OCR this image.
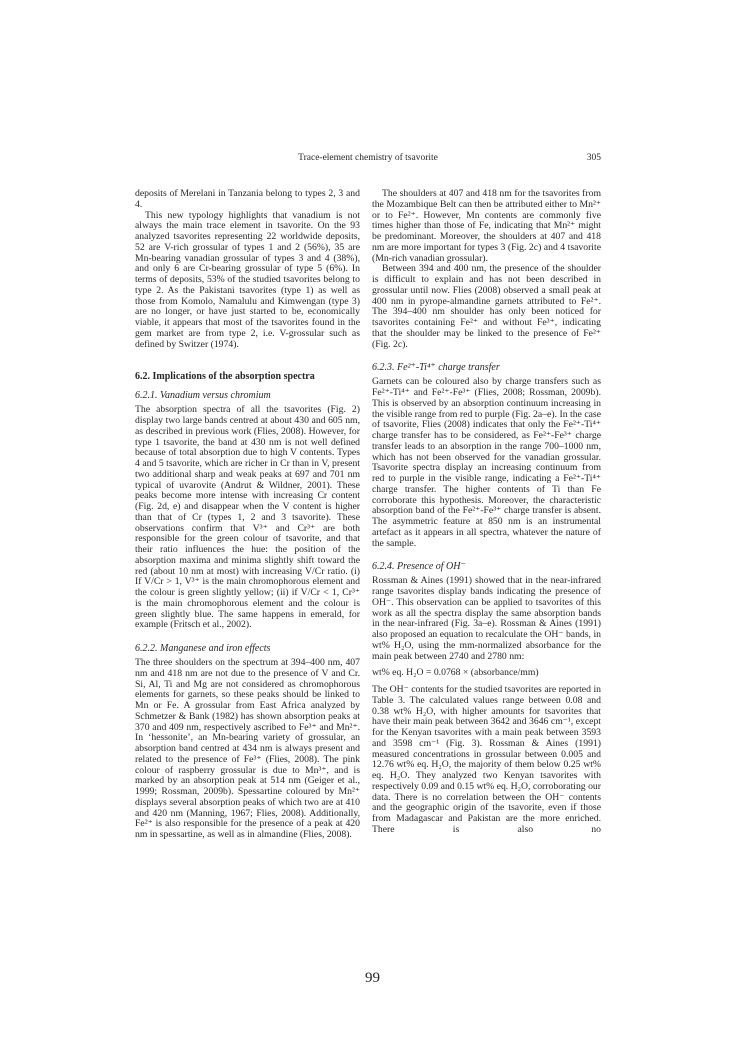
Trace-element chemistry of tsavorite	305

deposits of Merelani in Tanzania belong to types 2, 3 and 4.

This new typology highlights that vanadium is not always the main trace element in tsavorite. On the 93 analyzed tsavorites representing 22 worldwide deposits, 52 are V-rich grossular of types 1 and 2 (56%), 35 are Mn-bearing vanadian grossular of types 3 and 4 (38%), and only 6 are Cr-bearing grossular of type 5 (6%). In terms of deposits, 53% of the studied tsavorites belong to type 2. As the Pakistani tsavorites (type 1) as well as those from Komolo, Namalulu and Kimwengan (type 3) are no longer, or have just started to be, economically viable, it appears that most of the tsavorites found in the gem market are from type 2, i.e. V-grossular such as defined by Switzer (1974).

6.2. Implications of the absorption spectra
6.2.1. Vanadium versus chromium

The absorption spectra of all the tsavorites (Fig. 2) display two large bands centred at about 430 and 605 nm, as described in previous work (Flies, 2008). However, for type 1 tsavorite, the band at 430 nm is not well defined because of total absorption due to high V contents. Types 4 and 5 tsavorite, which are richer in Cr than in V, present two additional sharp and weak peaks at 697 and 701 nm typical of uvarovite (Andrut & Wildner, 2001). These peaks become more intense with increasing Cr content (Fig. 2d, e) and disappear when the V content is higher than that of Cr (types 1, 2 and 3 tsavorite). These observations confirm that V³⁺ and Cr³⁺ are both responsible for the green colour of tsavorite, and that their ratio influences the hue: the position of the absorption maxima and minima slightly shift toward the red (about 10 nm at most) with increasing V/Cr ratio. (i) If V/Cr > 1, V³⁺ is the main chromophorous element and the colour is green slightly yellow; (ii) if V/Cr < 1, Cr³⁺ is the main chromophorous element and the colour is green slightly blue. The same happens in emerald, for example (Fritsch et al., 2002).

6.2.2. Manganese and iron effects

The three shoulders on the spectrum at 394–400 nm, 407 nm and 418 nm are not due to the presence of V and Cr. Si, Al, Ti and Mg are not considered as chromophorous elements for garnets, so these peaks should be linked to Mn or Fe. A grossular from East Africa analyzed by Schmetzer & Bank (1982) has shown absorption peaks at 370 and 409 nm, respectively ascribed to Fe³⁺ and Mn²⁺. In ‘hessonite’, an Mn-bearing variety of grossular, an absorption band centred at 434 nm is always present and related to the presence of Fe³⁺ (Flies, 2008). The pink colour of raspberry grossular is due to Mn³⁺, and is marked by an absorption peak at 514 nm (Geiger et al., 1999; Rossman, 2009b). Spessartine coloured by Mn²⁺ displays several absorption peaks of which two are at 410 and 420 nm (Manning, 1967; Flies, 2008). Additionally, Fe²⁺ is also responsible for the presence of a peak at 420 nm in spessartine, as well as in almandine (Flies, 2008).

The shoulders at 407 and 418 nm for the tsavorites from the Mozambique Belt can then be attributed either to Mn²⁺ or to Fe²⁺. However, Mn contents are commonly five times higher than those of Fe, indicating that Mn²⁺ might be predominant. Moreover, the shoulders at 407 and 418 nm are more important for types 3 (Fig. 2c) and 4 tsavorite (Mn-rich vanadian grossular).

Between 394 and 400 nm, the presence of the shoulder is difficult to explain and has not been described in grossular until now. Flies (2008) observed a small peak at 400 nm in pyrope-almandine garnets attributed to Fe²⁺. The 394–400 nm shoulder has only been noticed for tsavorites containing Fe²⁺ and without Fe³⁺, indicating that the shoulder may be linked to the presence of Fe²⁺ (Fig. 2c).

6.2.3. Fe²⁺-Ti⁴⁺ charge transfer

Garnets can be coloured also by charge transfers such as Fe²⁺-Ti⁴⁺ and Fe²⁺-Fe³⁺ (Flies, 2008; Rossman, 2009b). This is observed by an absorption continuum increasing in the visible range from red to purple (Fig. 2a–e). In the case of tsavorite, Flies (2008) indicates that only the Fe²⁺-Ti⁴⁺ charge transfer has to be considered, as Fe²⁺-Fe³⁺ charge transfer leads to an absorption in the range 700–1000 nm, which has not been observed for the vanadian grossular. Tsavorite spectra display an increasing continuum from red to purple in the visible range, indicating a Fe²⁺-Ti⁴⁺ charge transfer. The higher contents of Ti than Fe corroborate this hypothesis. Moreover, the characteristic absorption band of the Fe²⁺-Fe³⁺ charge transfer is absent. The asymmetric feature at 850 nm is an instrumental artefact as it appears in all spectra, whatever the nature of the sample.

6.2.4. Presence of OH⁻

Rossman & Aines (1991) showed that in the near-infrared range tsavorites display bands indicating the presence of OH⁻. This observation can be applied to tsavorites of this work as all the spectra display the same absorption bands in the near-infrared (Fig. 3a–e). Rossman & Aines (1991) also proposed an equation to recalculate the OH⁻ bands, in wt% H₂O, using the mm-normalized absorbance for the main peak between 2740 and 2780 nm:

wt% eq. H₂O = 0.0768 × (absorbance/mm)

The OH⁻ contents for the studied tsavorites are reported in Table 3. The calculated values range between 0.08 and 0.38 wt% H₂O, with higher amounts for tsavorites that have their main peak between 3642 and 3646 cm⁻¹, except for the Kenyan tsavorites with a main peak between 3593 and 3598 cm⁻¹ (Fig. 3). Rossman & Aines (1991) measured concentrations in grossular between 0.005 and 12.76 wt% eq. H₂O, the majority of them below 0.25 wt% eq. H₂O. They analyzed two Kenyan tsavorites with respectively 0.09 and 0.15 wt% eq. H₂O, corroborating our data. There is no correlation between the OH⁻ contents and the geographic origin of the tsavorite, even if those from Madagascar and Pakistan are the more enriched. There is also no

99
